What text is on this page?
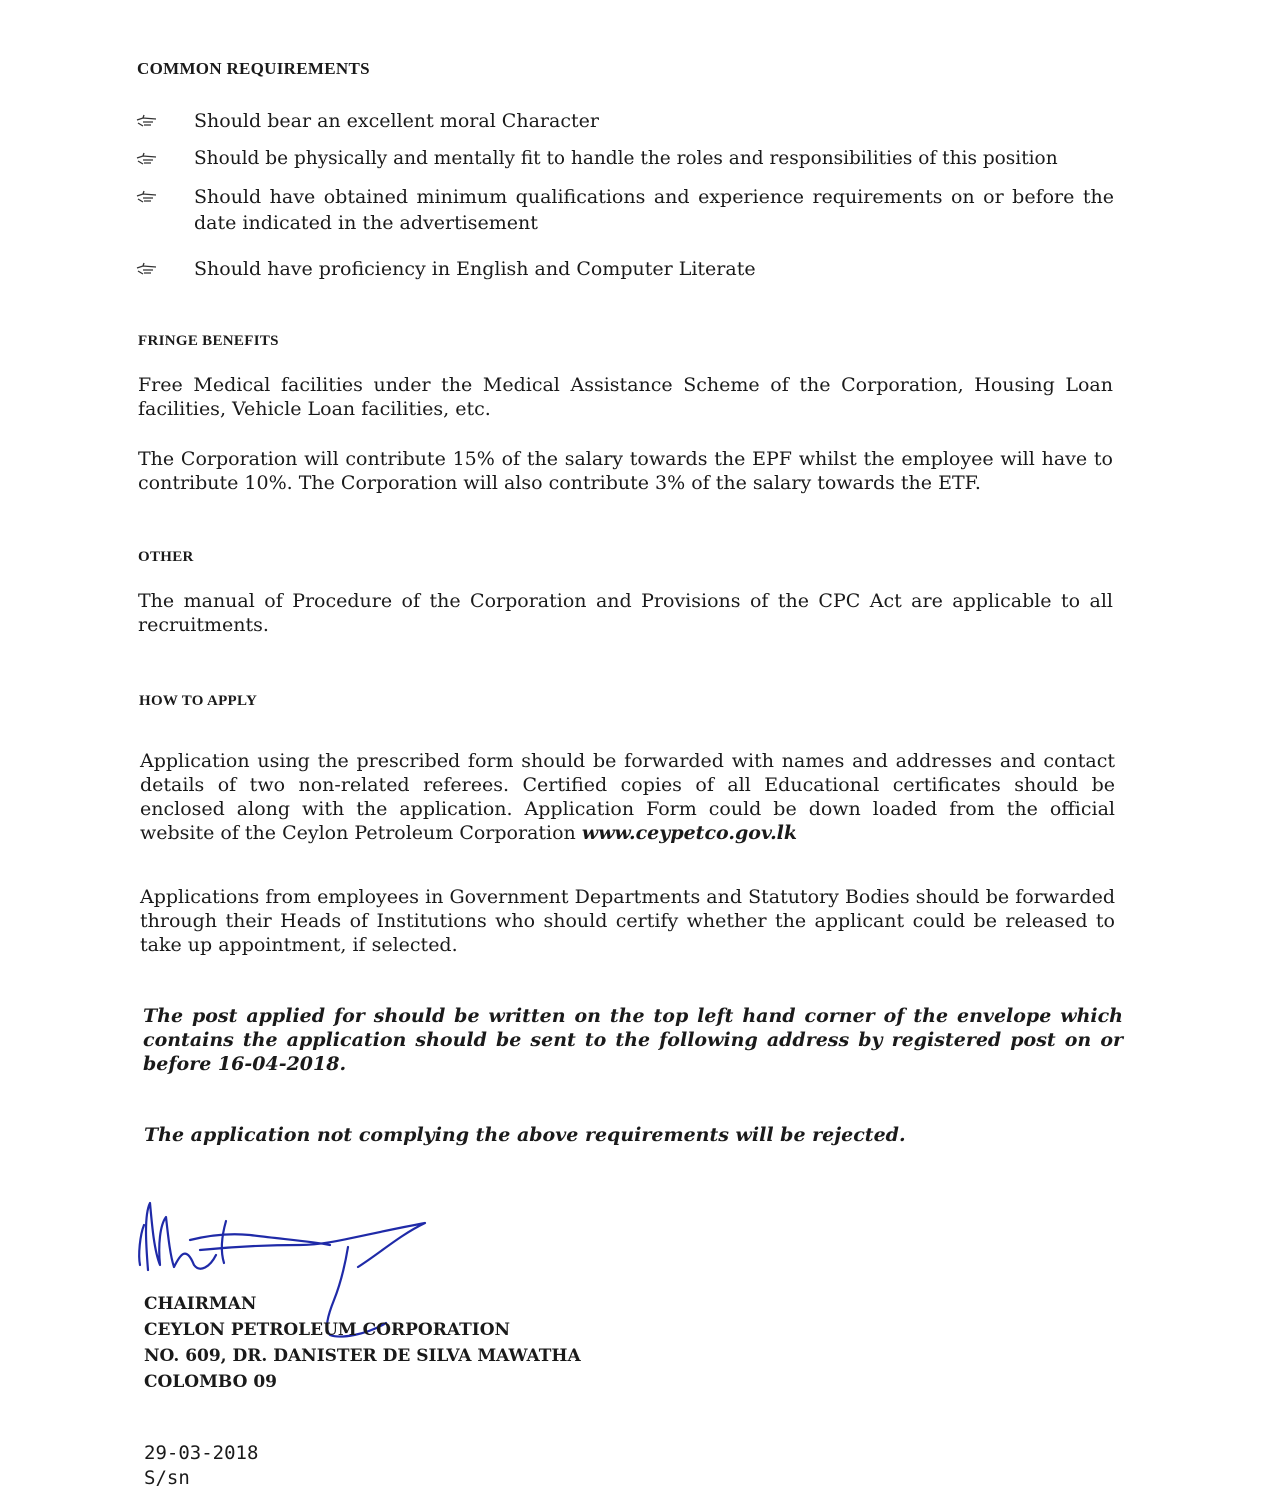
COMMON REQUIREMENTS
Should bear an excellent moral Character
Should be physically and mentally fit to handle the roles and responsibilities of this position
Should have obtained minimum qualifications and experience requirements on or before the date indicated in the advertisement
Should have proficiency in English and Computer Literate
FRINGE BENEFITS
Free Medical facilities under the Medical Assistance Scheme of the Corporation, Housing Loan facilities, Vehicle Loan facilities, etc.
The Corporation will contribute 15% of the salary towards the EPF whilst the employee will have to contribute 10%. The Corporation will also contribute 3% of the salary towards the ETF.
OTHER
The manual of Procedure of the Corporation and Provisions of the CPC Act are applicable to all recruitments.
HOW TO APPLY
Application using the prescribed form should be forwarded with names and addresses and contact details of two non-related referees. Certified copies of all Educational certificates should be enclosed along with the application. Application Form could be down loaded from the official website of the Ceylon Petroleum Corporation www.ceypetco.gov.lk
Applications from employees in Government Departments and Statutory Bodies should be forwarded through their Heads of Institutions who should certify whether the applicant could be released to take up appointment, if selected.
The post applied for should be written on the top left hand corner of the envelope which contains the application should be sent to the following address by registered post on or before 16-04-2018.
The application not complying the above requirements will be rejected.
CHAIRMAN
CEYLON PETROLEUM CORPORATION
NO. 609, DR. DANISTER DE SILVA MAWATHA
COLOMBO 09
29-03-2018
S/sn
